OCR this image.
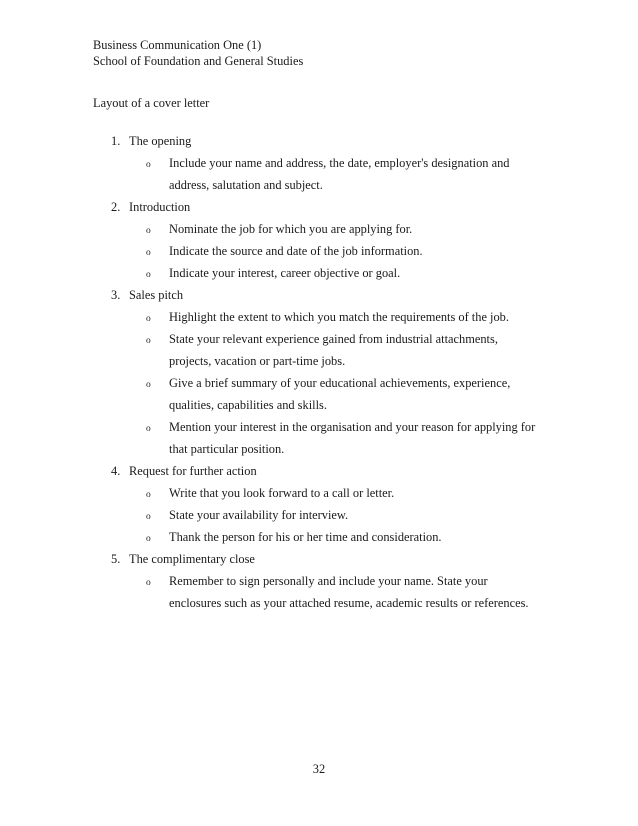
Business Communication One (1)
School of Foundation and General Studies
Layout of a cover letter
1. The opening
o Include your name and address, the date, employer's designation and
address, salutation and subject.
2. Introduction
o Nominate the job for which you are applying for.
o Indicate the source and date of the job information.
o Indicate your interest, career objective or goal.
3. Sales pitch
o Highlight the extent to which you match the requirements of the job.
o State your relevant experience gained from industrial attachments,
projects, vacation or part-time jobs.
o Give a brief summary of your educational achievements, experience,
qualities, capabilities and skills.
o Mention your interest in the organisation and your reason for applying for
that particular position.
4. Request for further action
o Write that you look forward to a call or letter.
o State your availability for interview.
o Thank the person for his or her time and consideration.
5. The complimentary close
o Remember to sign personally and include your name. State your
enclosures such as your attached resume, academic results or references.
32
